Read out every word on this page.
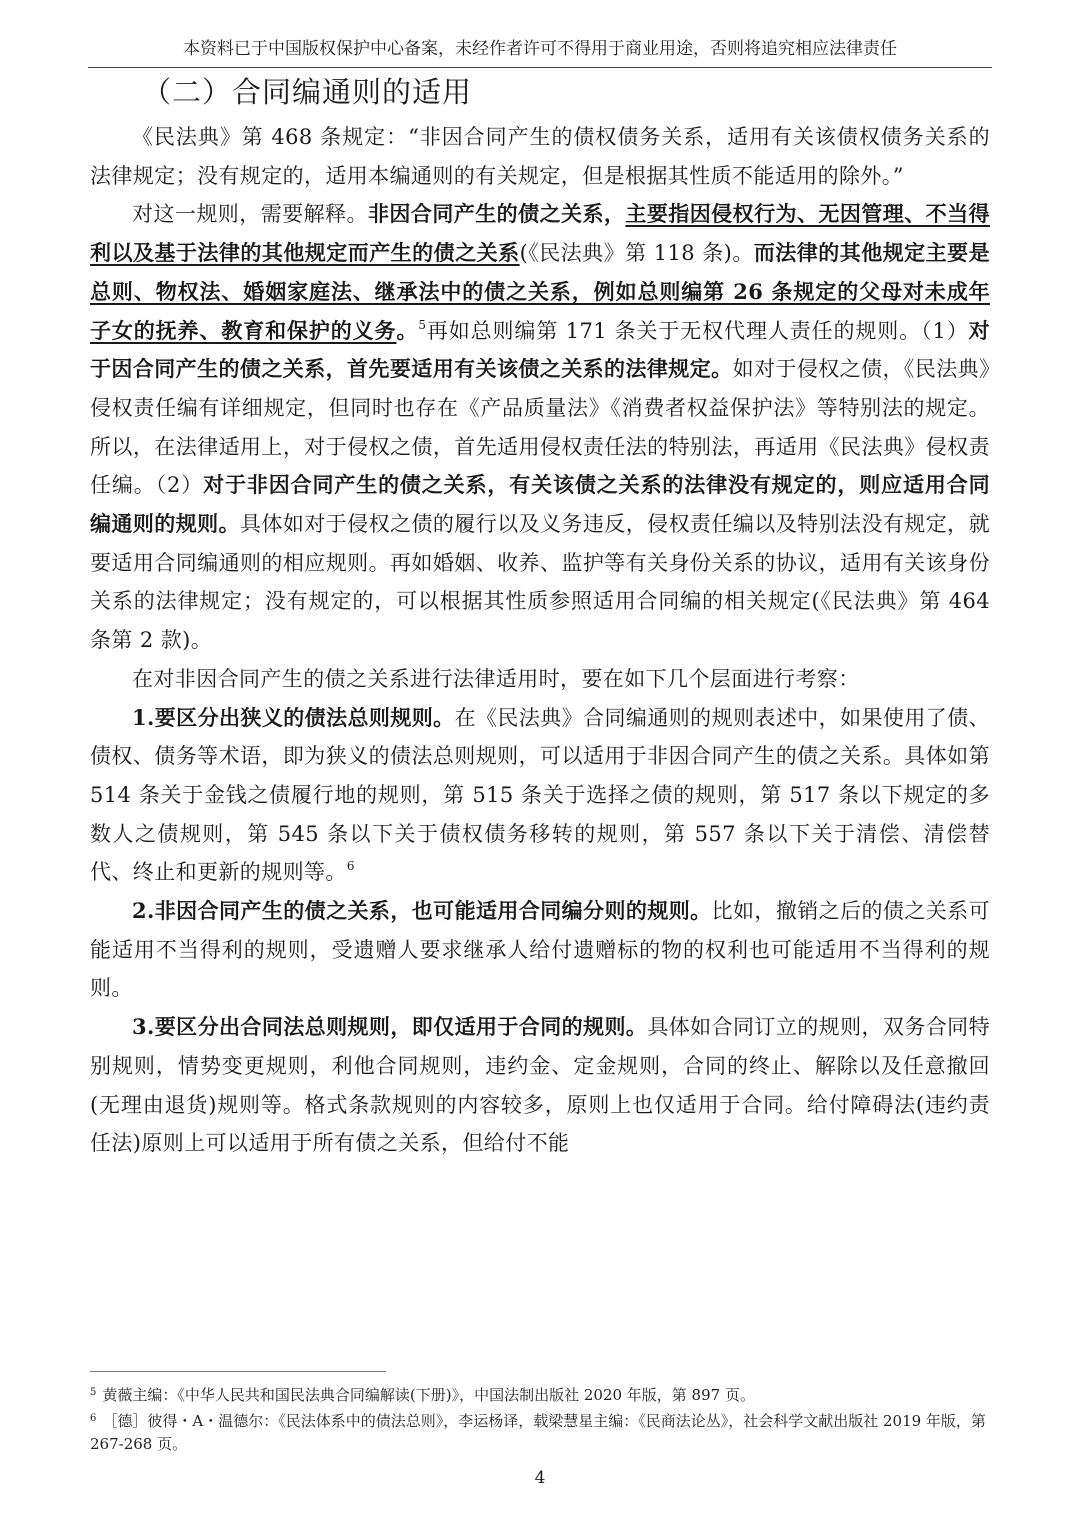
本资料已于中国版权保护中心备案，未经作者许可不得用于商业用途，否则将追究相应法律责任
（二）合同编通则的适用

《民法典》第 468 条规定：“非因合同产生的债权债务关系，适用有关该债权债务关系的法律规定；没有规定的，适用本编通则的有关规定，但是根据其性质不能适用的除外。”

对这一规则，需要解释。非因合同产生的债之关系，主要指因侵权行为、无因管理、不当得利以及基于法律的其他规定而产生的债之关系(《民法典》第 118 条)。而法律的其他规定主要是总则、物权法、婚姻家庭法、继承法中的债之关系，例如总则编第 26 条规定的父母对未成年子女的抚养、教育和保护的义务。$^5$再如总则编第 171 条关于无权代理人责任的规则。（1）对于因合同产生的债之关系，首先要适用有关该债之关系的法律规定。如对于侵权之债，《民法典》侵权责任编有详细规定，但同时也存在《产品质量法》《消费者权益保护法》等特别法的规定。所以，在法律适用上，对于侵权之债，首先适用侵权责任法的特别法，再适用《民法典》侵权责任编。（2）对于非因合同产生的债之关系，有关该债之关系的法律没有规定的，则应适用合同编通则的规则。具体如对于侵权之债的履行以及义务违反，侵权责任编以及特别法没有规定，就要适用合同编通则的相应规则。再如婚姻、收养、监护等有关身份关系的协议，适用有关该身份关系的法律规定；没有规定的，可以根据其性质参照适用合同编的相关规定(《民法典》第 464 条第 2 款)。

在对非因合同产生的债之关系进行法律适用时，要在如下几个层面进行考察：

1.要区分出狭义的债法总则规则。在《民法典》合同编通则的规则表述中，如果使用了债、债权、债务等术语，即为狭义的债法总则规则，可以适用于非因合同产生的债之关系。具体如第 514 条关于金钱之债履行地的规则，第 515 条关于选择之债的规则，第 517 条以下规定的多数人之债规则，第 545 条以下关于债权债务移转的规则，第 557 条以下关于清偿、清偿替代、终止和更新的规则等。$^6$

2.非因合同产生的债之关系，也可能适用合同编分则的规则。比如，撤销之后的债之关系可能适用不当得利的规则，受遗赠人要求继承人给付遗赠标的物的权利也可能适用不当得利的规则。

3.要区分出合同法总则规则，即仅适用于合同的规则。具体如合同订立的规则，双务合同特别规则，情势变更规则，利他合同规则，违约金、定金规则，合同的终止、解除以及任意撤回(无理由退货)规则等。格式条款规则的内容较多，原则上也仅适用于合同。给付障碍法(违约责任法)原则上可以适用于所有债之关系，但给付不能

$^5$ 黄薇主编：《中华人民共和国民法典合同编解读(下册)》，中国法制出版社 2020 年版，第 897 页。

$^6$ ［德］彼得・A・温德尔：《民法体系中的债法总则》，李运杨译，载梁慧星主编：《民商法论丛》，社会科学文献出版社 2019 年版，第 267-268 页。

4
